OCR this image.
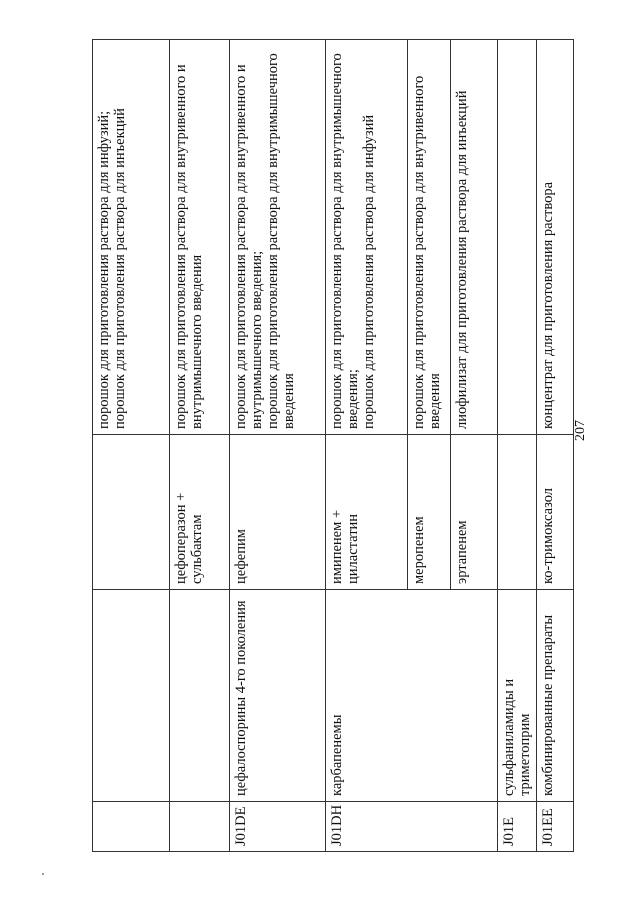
			порошок для приготовления раствора для инфузий; порошок для приготовления раствора для инъекций

		цефоперазон + сульбактам	порошок для приготовления раствора для внутривенного и внутримышечного введения

J01DE	цефалоспорины 4-го поколения	цефепим	порошок для приготовления раствора для внутривенного и внутримышечного введения; порошок для приготовления раствора для внутримышечного введения

J01DH	карбапенемы	имипенем + циластатин	порошок для приготовления раствора для внутримышечного введения; порошок для приготовления раствора для инфузий

		меропенем	порошок для приготовления раствора для внутривенного введения

		эртапенем	лиофилизат для приготовления раствора для инъекций

J01E	сульфаниламиды и триметоприм		
J01EE	комбинированные препараты	ко-тримоксазол	концентрат для приготовления раствора
207
